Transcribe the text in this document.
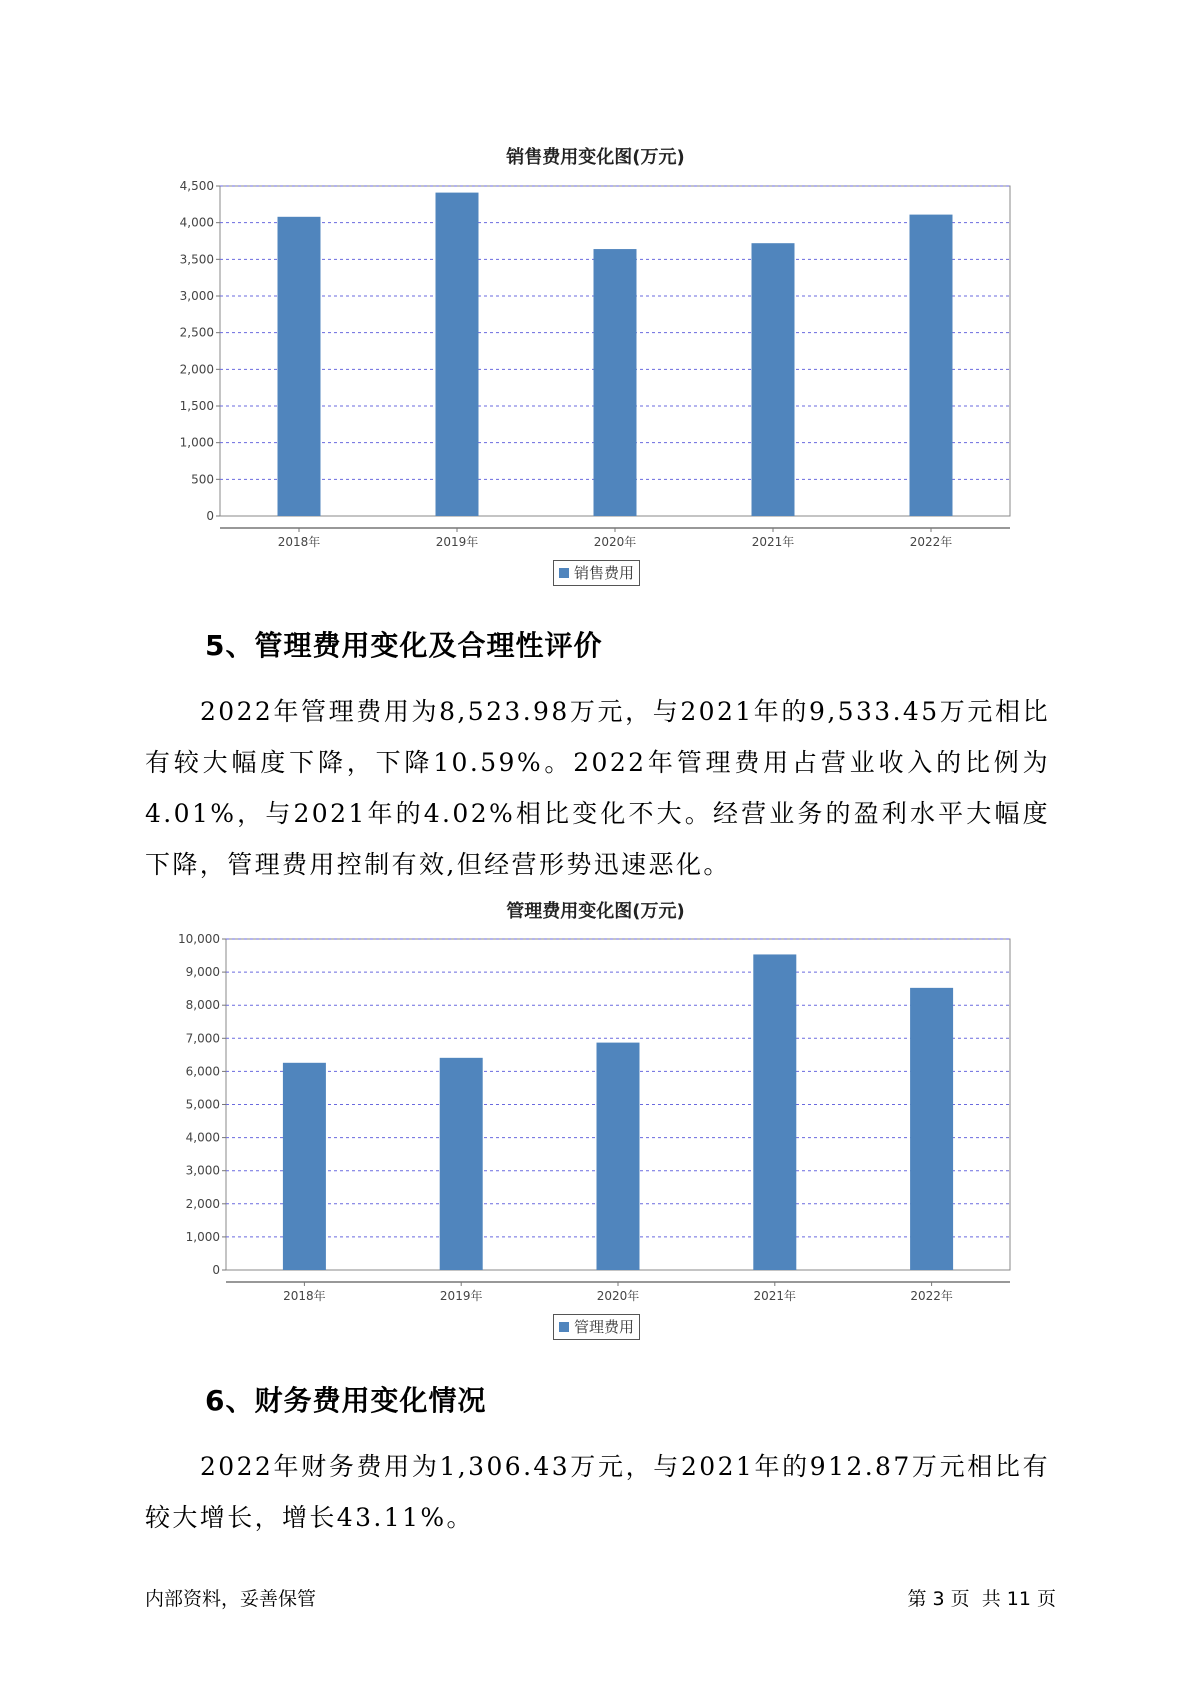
销售费用变化图(万元)
0
500
1,000
1,500
2,000
2,500
3,000
3,500
4,000
4,500
2018年	2019年	2020年	2021年	2022年
销售费用
5、管理费用变化及合理性评价

2022年管理费用为8,523.98万元，与2021年的9,533.45万元相比有较大幅度下降，下降10.59%。2022年管理费用占营业收入的比例为4.01%，与2021年的4.02%相比变化不大。经营业务的盈利水平大幅度下降，管理费用控制有效,但经营形势迅速恶化。

管理费用变化图(万元)
0
1,000
2,000
3,000
4,000
5,000
6,000
7,000
8,000
9,000
10,000
2018年	2019年	2020年	2021年	2022年
管理费用
6、财务费用变化情况

2022年财务费用为1,306.43万元，与2021年的912.87万元相比有较大增长，增长43.11%。

内部资料，妥善保管	第 3 页  共 11 页
